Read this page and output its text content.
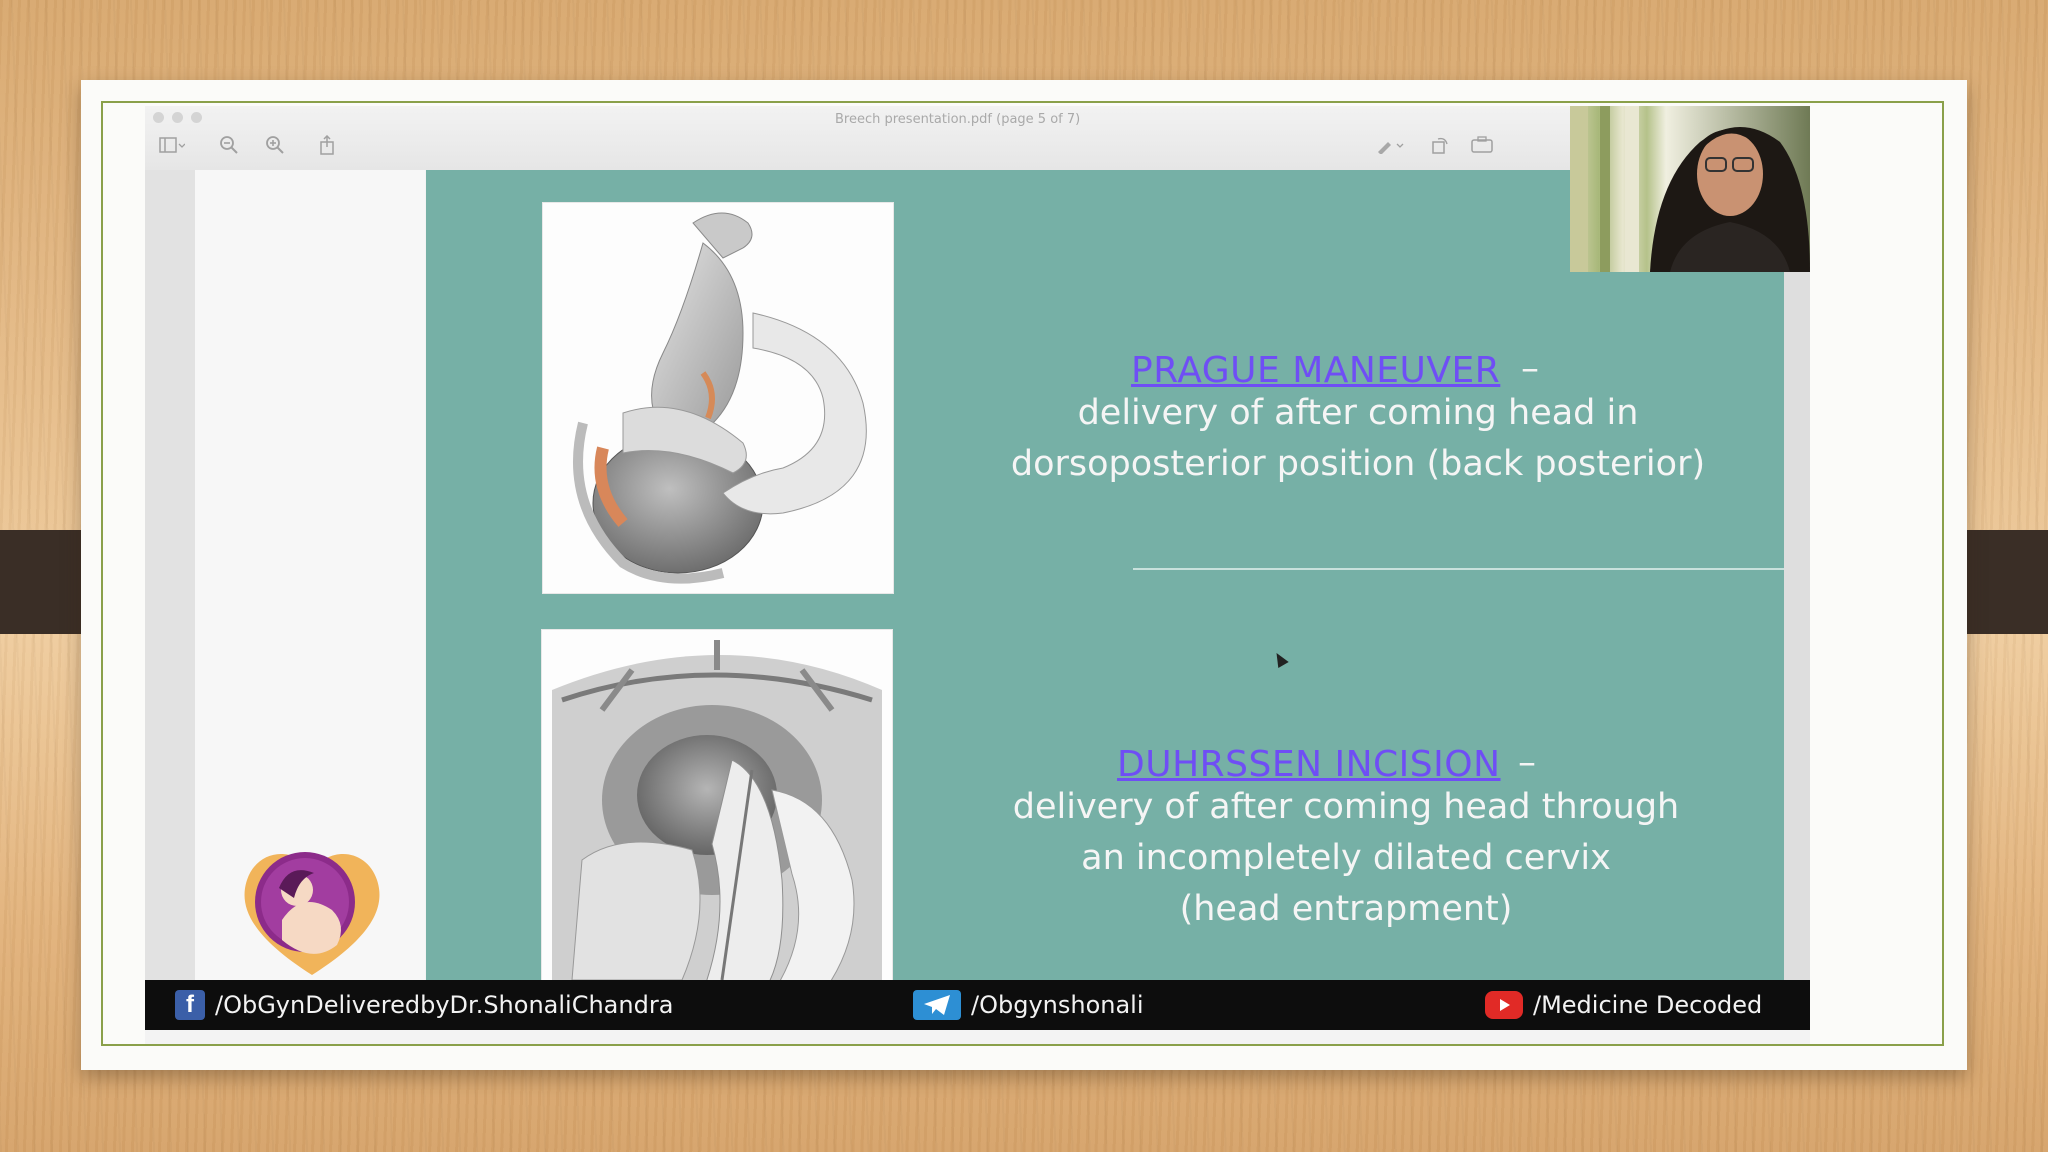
Breech presentation.pdf (page 5 of 7)
PRAGUE MANEUVER –
delivery of after coming head in
dorsoposterior position (back posterior)
DUHRSSEN INCISION –
delivery of after coming head through
an incompletely dilated cervix
(head entrapment)
f /ObGynDeliveredbyDr.ShonaliChandra	/Obgynshonali	/Medicine Decoded
